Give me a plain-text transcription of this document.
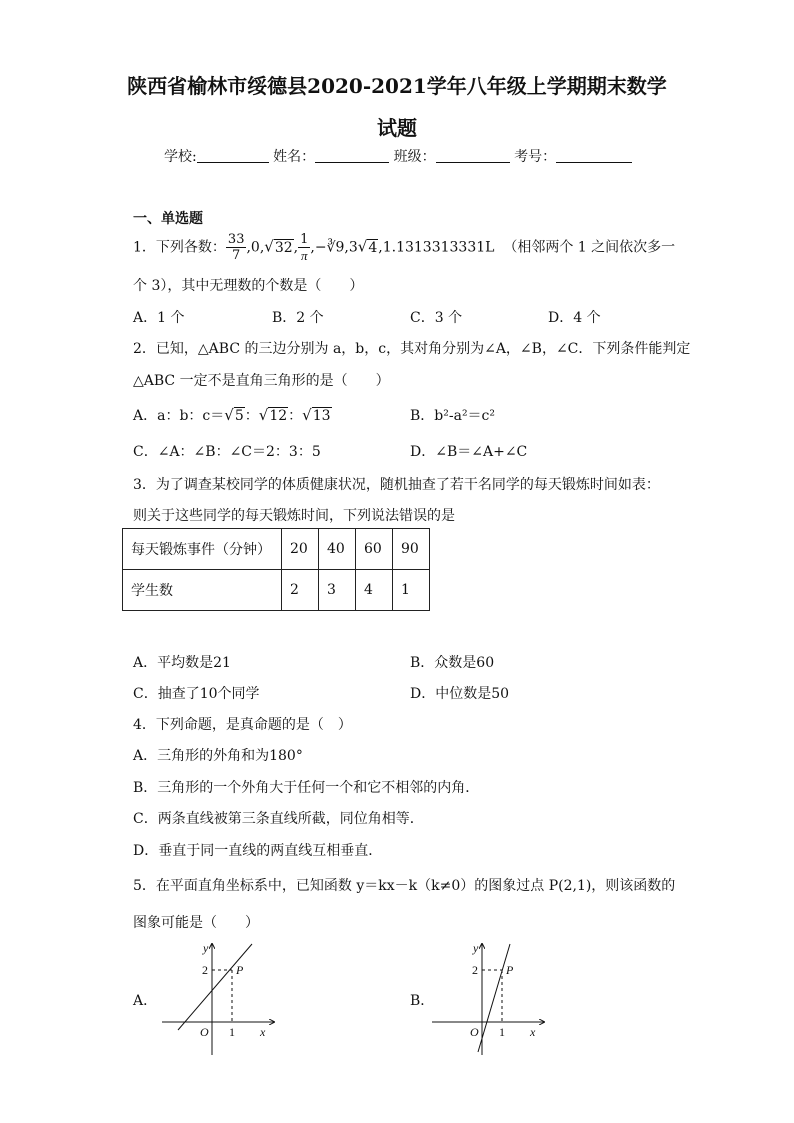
陕西省榆林市绥德县2020-2021学年八年级上学期期末数学
试题
学校:	姓名：	班级：	考号：
一、单选题
1．下列各数： $\frac{33}{7} ,0,√32$, $\frac{1}{\pi}$ ,−∛9,3√4,1.1313313331L （相邻两个 1 之间依次多一
个 3），其中无理数的个数是（　　）
A．1 个	B．2 个	C．3 个	D．4 个
2．已知，△ABC 的三边分别为 a，b，c，其对角分别为∠A，∠B，∠C．下列条件能判定
△ABC 一定不是直角三角形的是（　　）
A．a：b：c＝√5：√12：√13	B．b²-a²＝c²
C．∠A：∠B：∠C＝2：3：5	D．∠B＝∠A+∠C
3．为了调查某校同学的体质健康状况，随机抽查了若干名同学的每天锻炼时间如表：
则关于这些同学的每天锻炼时间，下列说法错误的是
每天锻炼事件（分钟）	20	40	60	90
学生数	2	3	4	1
A．平均数是21	B．众数是60
C．抽查了10个同学	D．中位数是50
4．下列命题，是真命题的是（　）
A．三角形的外角和为180°
B．三角形的一个外角大于任何一个和它不相邻的内角．
C．两条直线被第三条直线所截，同位角相等．
D．垂直于同一直线的两直线互相垂直．
5．在平面直角坐标系中，已知函数 y＝kx－k（k≠0）的图象过点 P(2,1)，则该函数的
图象可能是（　　）
A．
y
2 P
O 1 x
B．
y
2 P
O 1 x
